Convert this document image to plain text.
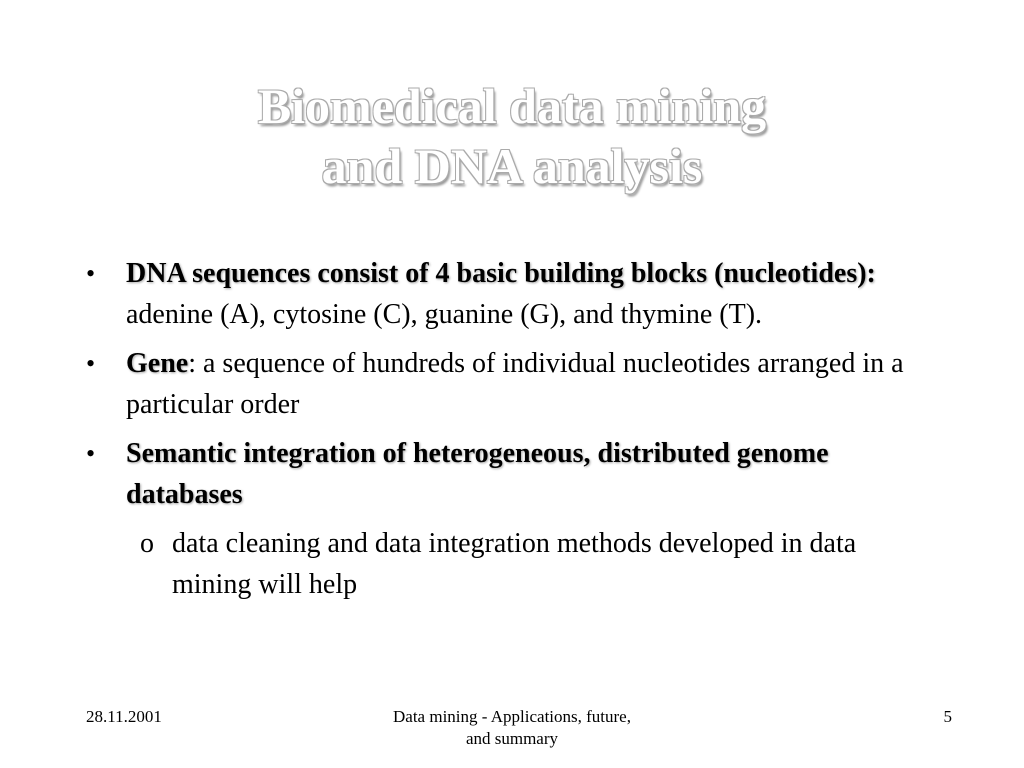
Biomedical data mining
and DNA analysis
• DNA sequences consist of 4 basic building blocks (nucleotides): adenine (A), cytosine (C), guanine (G), and thymine (T).
• Gene: a sequence of hundreds of individual nucleotides arranged in a particular order
• Semantic integration of heterogeneous, distributed genome databases
o data cleaning and data integration methods developed in data mining will help
28.11.2001	Data mining - Applications, future,
and summary
5
